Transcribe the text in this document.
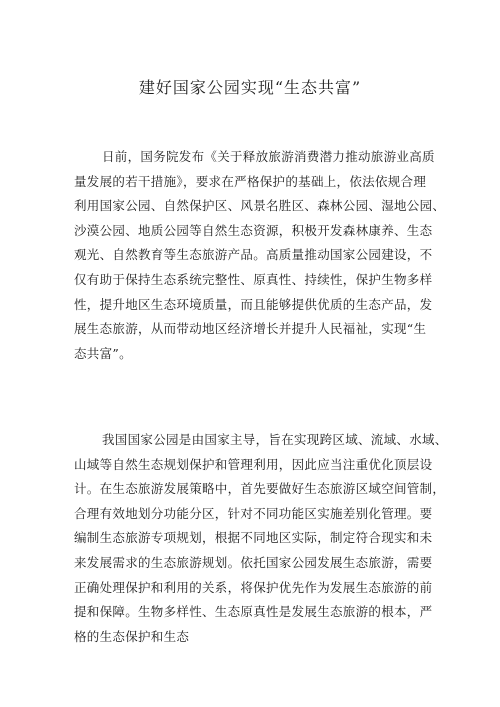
建好国家公园实现“生态共富”
日前，国务院发布《关于释放旅游消费潜力推动旅游业高质
量发展的若干措施》，要求在严格保护的基础上，依法依规合理
利用国家公园、自然保护区、风景名胜区、森林公园、湿地公园、
沙漠公园、地质公园等自然生态资源，积极开发森林康养、生态
观光、自然教育等生态旅游产品。高质量推动国家公园建设，不
仅有助于保持生态系统完整性、原真性、持续性，保护生物多样
性，提升地区生态环境质量，而且能够提供优质的生态产品，发
展生态旅游，从而带动地区经济增长并提升人民福祉，实现“生
态共富”。
我国国家公园是由国家主导，旨在实现跨区域、流域、水域、
山域等自然生态规划保护和管理利用，因此应当注重优化顶层设
计。在生态旅游发展策略中，首先要做好生态旅游区域空间管制，
合理有效地划分功能分区，针对不同功能区实施差别化管理。要
编制生态旅游专项规划，根据不同地区实际，制定符合现实和未
来发展需求的生态旅游规划。依托国家公园发展生态旅游，需要
正确处理保护和利用的关系，将保护优先作为发展生态旅游的前
提和保障。生物多样性、生态原真性是发展生态旅游的根本，严
格的生态保护和生态
